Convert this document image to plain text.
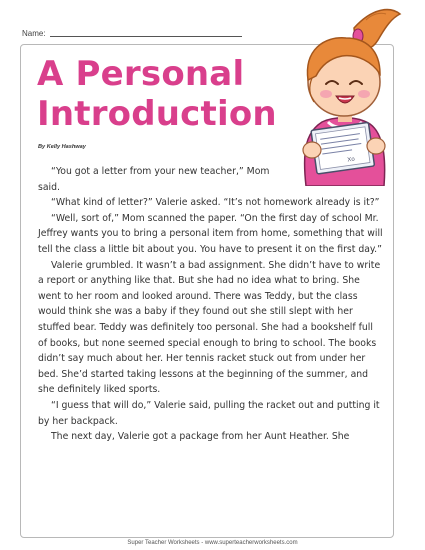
Name:
A Personal
Introduction
By Kelly Hashway
Xo

“You got a letter from your new teacher,” Mom said.

“What kind of letter?” Valerie asked. “It’s not homework already is it?”

“Well, sort of,” Mom scanned the paper. “On the first day of school Mr. Jeffrey wants you to bring a personal item from home, something that will tell the class a little bit about you. You have to present it on the first day.”

Valerie grumbled. It wasn’t a bad assignment. She didn’t have to write a report or anything like that. But she had no idea what to bring. She went to her room and looked around. There was Teddy, but the class would think she was a baby if they found out she still slept with her stuffed bear. Teddy was definitely too personal. She had a bookshelf full of books, but none seemed special enough to bring to school. The books didn’t say much about her. Her tennis racket stuck out from under her bed. She’d started taking lessons at the beginning of the summer, and she definitely liked sports.

“I guess that will do,” Valerie said, pulling the racket out and putting it by her backpack.

The next day, Valerie got a package from her Aunt Heather. She

Super Teacher Worksheets - www.superteacherworksheets.com
